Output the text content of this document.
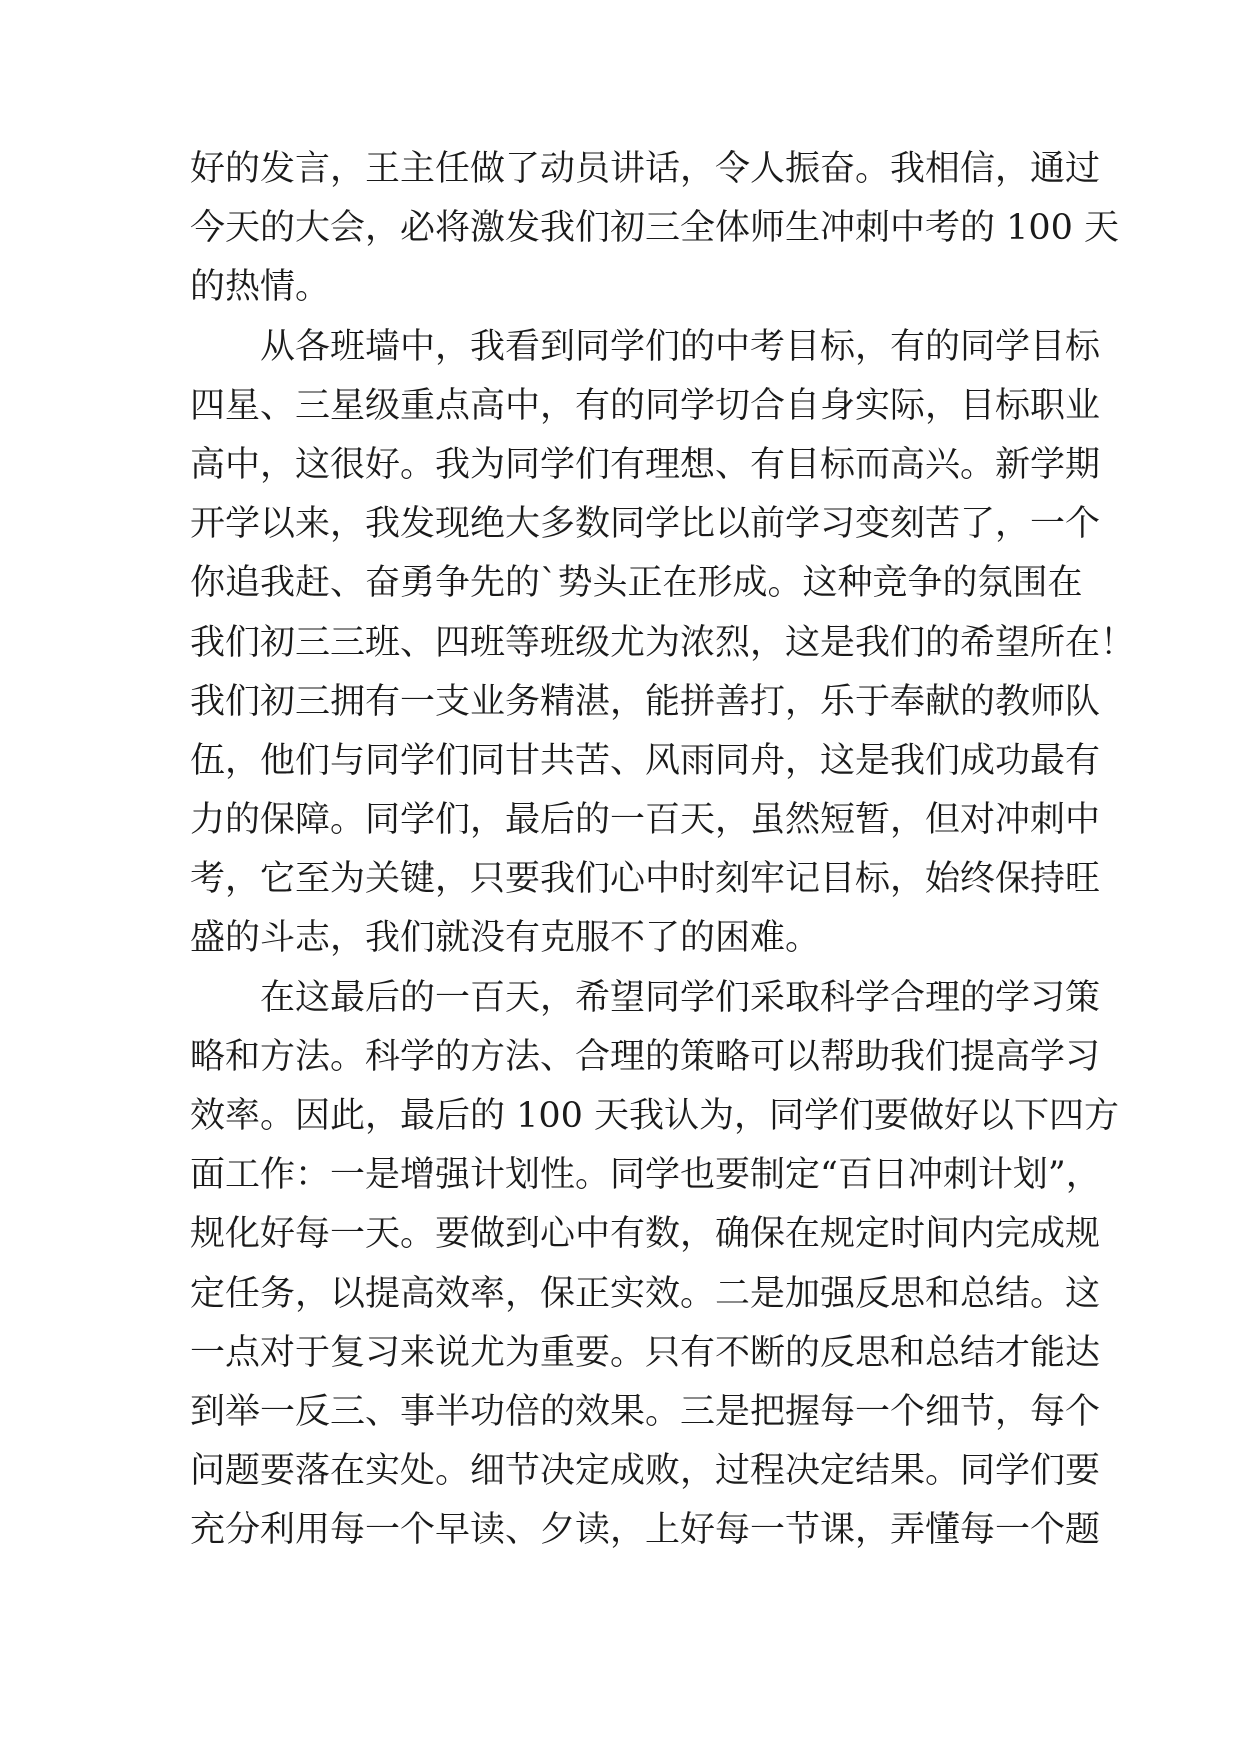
好的发言，王主任做了动员讲话，令人振奋。我相信，通过
今天的大会，必将激发我们初三全体师生冲刺中考的 100 天
的热情。
从各班墙中，我看到同学们的中考目标，有的同学目标
四星、三星级重点高中，有的同学切合自身实际，目标职业
高中，这很好。我为同学们有理想、有目标而高兴。新学期
开学以来，我发现绝大多数同学比以前学习变刻苦了，一个
你追我赶、奋勇争先的`势头正在形成。这种竞争的氛围在
我们初三三班、四班等班级尤为浓烈，这是我们的希望所在！
我们初三拥有一支业务精湛，能拼善打，乐于奉献的教师队
伍，他们与同学们同甘共苦、风雨同舟，这是我们成功最有
力的保障。同学们，最后的一百天，虽然短暂，但对冲刺中
考，它至为关键，只要我们心中时刻牢记目标，始终保持旺
盛的斗志，我们就没有克服不了的困难。
在这最后的一百天，希望同学们采取科学合理的学习策
略和方法。科学的方法、合理的策略可以帮助我们提高学习
效率。因此，最后的 100 天我认为，同学们要做好以下四方
面工作：一是增强计划性。同学也要制定“百日冲刺计划”，
规化好每一天。要做到心中有数，确保在规定时间内完成规
定任务，以提高效率，保正实效。二是加强反思和总结。这
一点对于复习来说尤为重要。只有不断的反思和总结才能达
到举一反三、事半功倍的效果。三是把握每一个细节，每个
问题要落在实处。细节决定成败，过程决定结果。同学们要
充分利用每一个早读、夕读，上好每一节课，弄懂每一个题
